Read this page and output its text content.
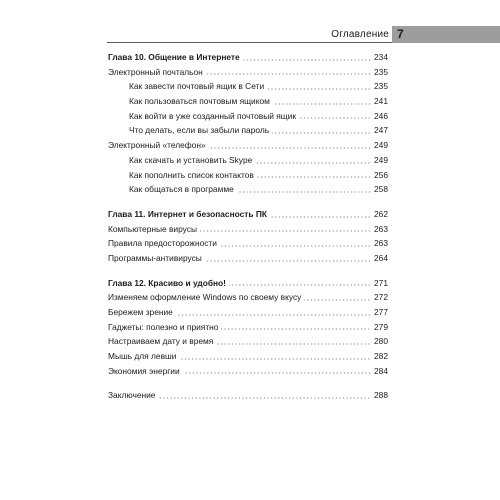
Оглавление 7
Глава 10. Общение в Интернете	234
Электронный почтальон	235
Как завести почтовый ящик в Сети	235
Как пользоваться почтовым ящиком	241
Как войти в уже созданный почтовый ящик	246
Что делать, если вы забыли пароль	247
Электронный «телефон»	249
Как скачать и установить Skype	249
Как пополнить список контактов	256
Как общаться в программе	258
Глава 11. Интернет и безопасность ПК	262
Компьютерные вирусы	263
Правила предосторожности	263
Программы-антивирусы	264
Глава 12. Красиво и удобно!	271
Изменяем оформление Windows по своему вкусу	272
Бережем зрение	277
Гаджеты: полезно и приятно	279
Настраиваем дату и время	280
Мышь для левши	282
Экономия энергии	284
Заключение	288
